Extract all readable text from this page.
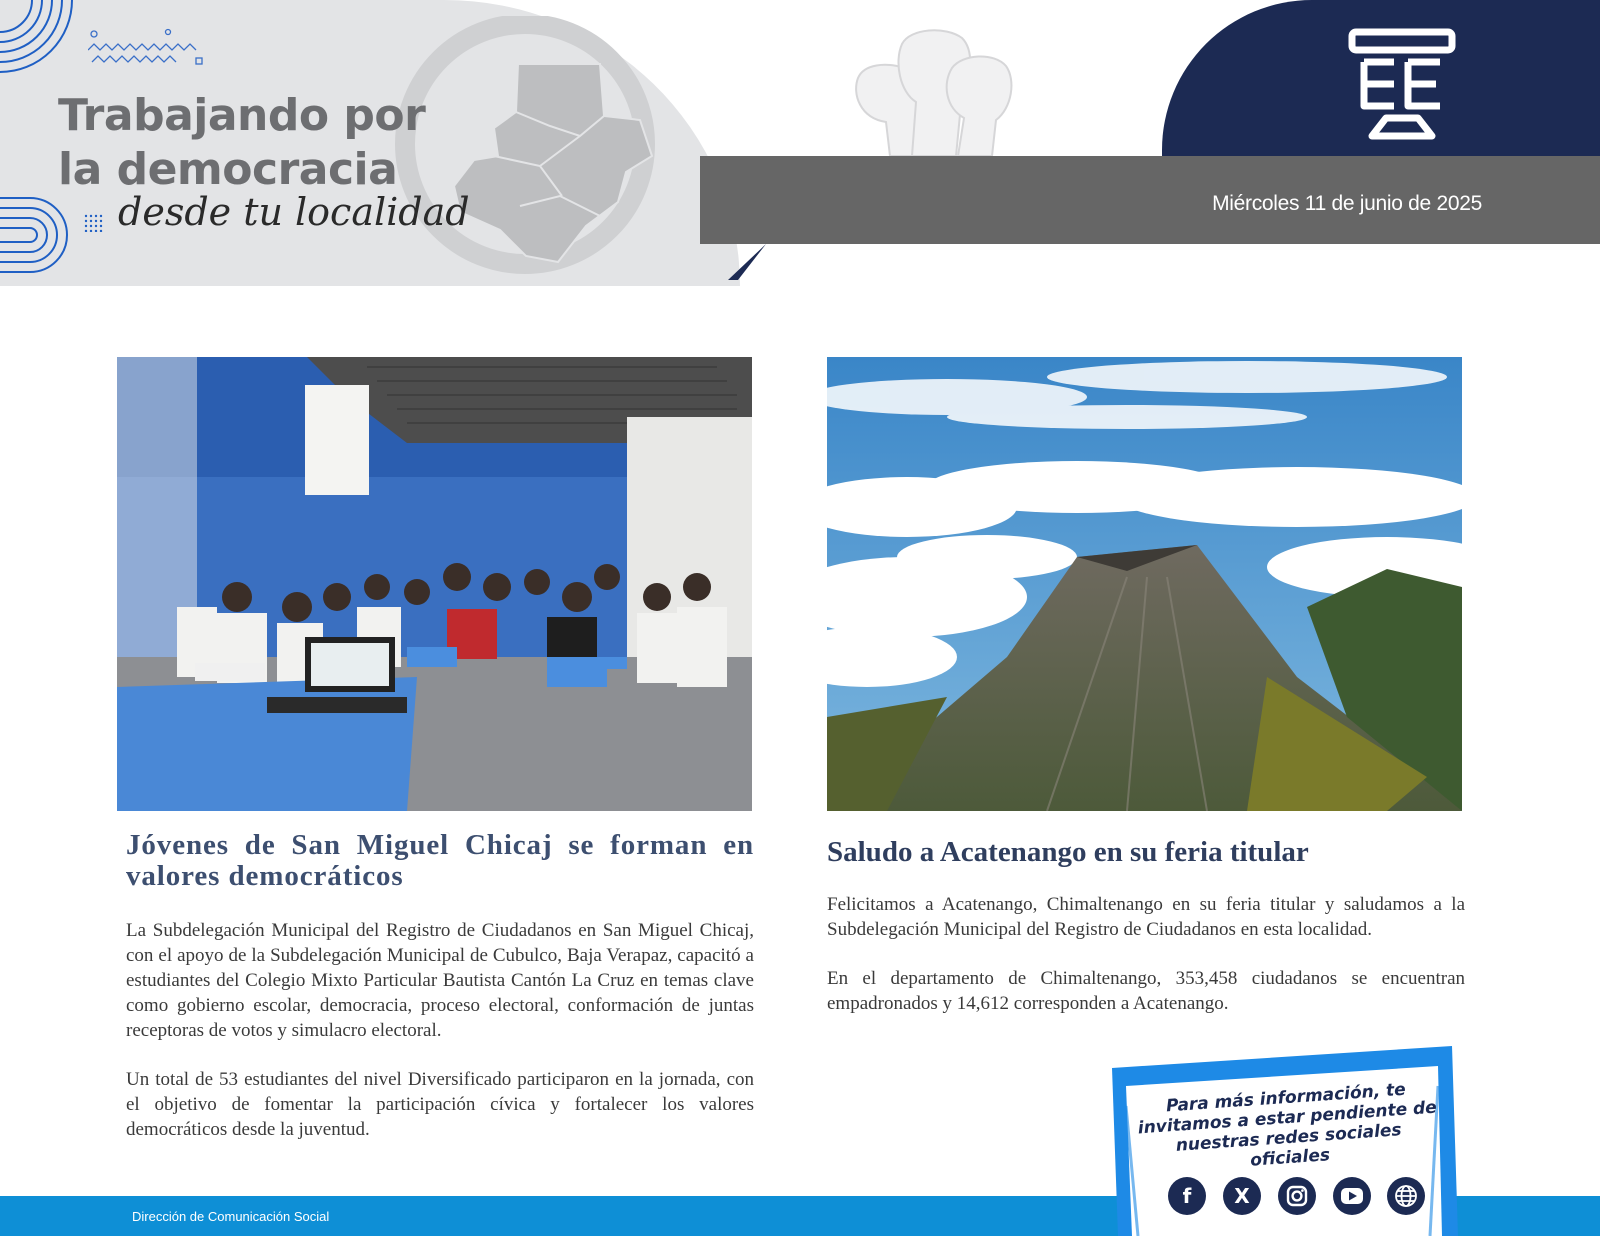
Trabajando por
la democracia
desde tu localidad	Miércoles 11 de junio de 2025
Jóvenes de San Miguel Chicaj se forman en valores democráticos

La Subdelegación Municipal del Registro de Ciudadanos en San Miguel Chicaj, con el apoyo de la Subdelegación Municipal de Cubulco, Baja Verapaz, capacitó a estudiantes del Colegio Mixto Particular Bautista Cantón La Cruz en temas clave como gobierno escolar, democracia, proceso electoral, conformación de juntas receptoras de votos y simulacro electoral.

Un total de 53 estudiantes del nivel Diversificado participaron en la jornada, con el objetivo de fomentar la participación cívica y fortalecer los valores democráticos desde la juventud.

Saludo a Acatenango en su feria titular

Felicitamos a Acatenango, Chimaltenango en su feria titular y saludamos a la Subdelegación Municipal del Registro de Ciudadanos en esta localidad.

En el departamento de Chimaltenango, 353,458 ciudadanos se encuentran empadronados y 14,612 corresponden a Acatenango.

Dirección de Comunicación Social
Para más información, te invitamos a estar pendiente de nuestras redes sociales oficiales
f	X
